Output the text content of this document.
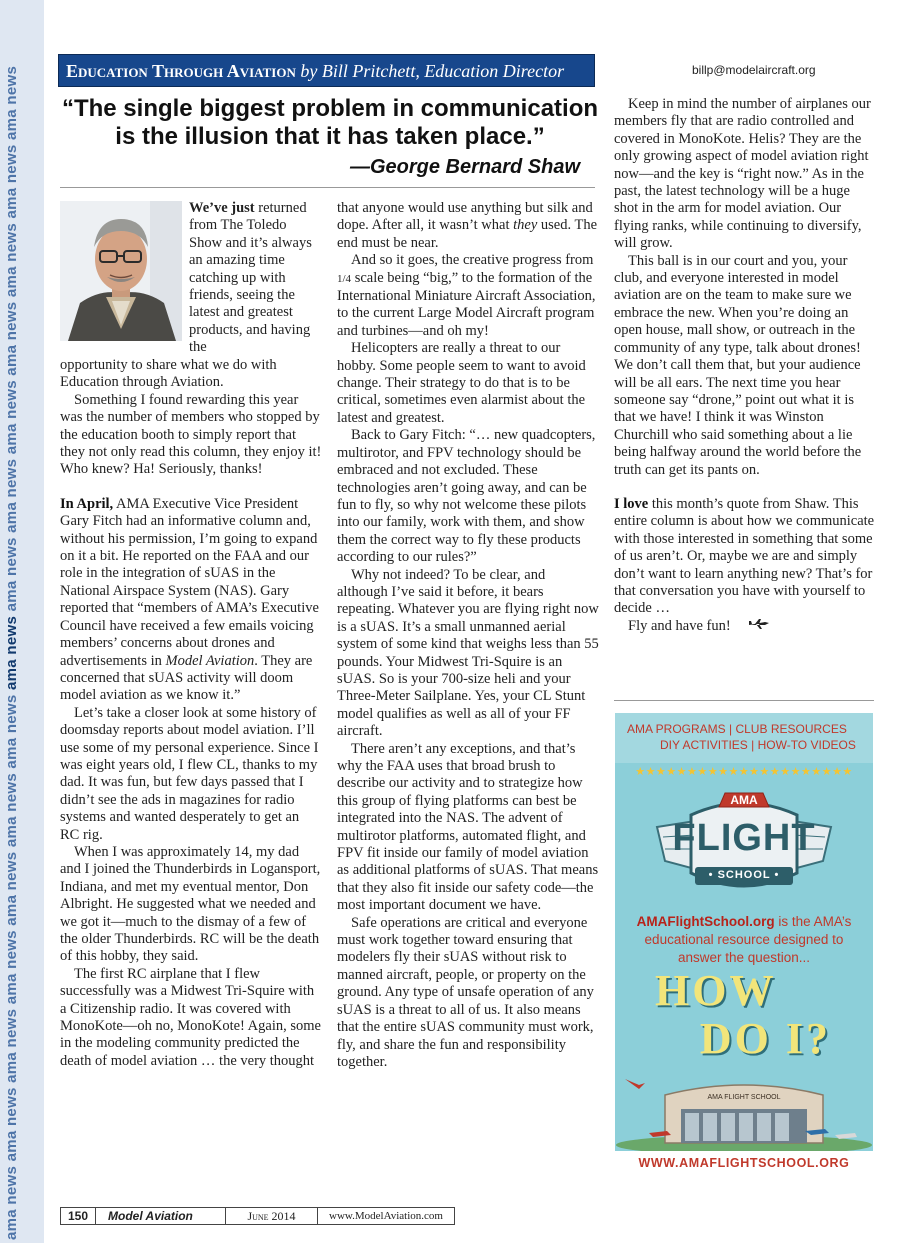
ama news ama news ama news ama news ama news ama news ama news ama news ama news ama news ama news ama news ama news ama news ama news	Education Through Aviation by Bill Pritchett, Education Director	billp@modelaircraft.org
“The single biggest problem in communication is the illusion that it has taken place.”
—George Bernard Shaw
We’ve just returned from The Toledo Show and it’s always an amazing time catching up with friends, seeing the latest and greatest products, and having the

opportunity to share what we do with Education through Aviation.

Something I found rewarding this year was the number of members who stopped by the education booth to simply report that they not only read this column, they enjoy it! Who knew? Ha! Seriously, thanks!

In April, AMA Executive Vice President Gary Fitch had an informative column and, without his permission, I’m going to expand on it a bit. He reported on the FAA and our role in the integration of sUAS in the National Airspace System (NAS). Gary reported that “members of AMA’s Executive Council have received a few emails voicing members’ concerns about drones and advertisements in Model Aviation. They are concerned that sUAS activity will doom model aviation as we know it.”

Let’s take a closer look at some history of doomsday reports about model aviation. I’ll use some of my personal experience. Since I was eight years old, I flew CL, thanks to my dad. It was fun, but few days passed that I didn’t see the ads in magazines for radio systems and wanted desperately to get an RC rig.

When I was approximately 14, my dad and I joined the Thunderbirds in Logansport, Indiana, and met my eventual mentor, Don Albright. He suggested what we needed and we got it—much to the dismay of a few of the older Thunderbirds. RC will be the death of this hobby, they said.

The first RC airplane that I flew successfully was a Midwest Tri-Squire with a Citizenship radio. It was covered with MonoKote—oh no, MonoKote! Again, some in the modeling community predicted the death of model aviation … the very thought

that anyone would use anything but silk and dope. After all, it wasn’t what they used. The end must be near.

And so it goes, the creative progress from 1/4 scale being “big,” to the formation of the International Miniature Aircraft Association, to the current Large Model Aircraft program and turbines—and oh my!

Helicopters are really a threat to our hobby. Some people seem to want to avoid change. Their strategy to do that is to be critical, sometimes even alarmist about the latest and greatest.

Back to Gary Fitch: “… new quadcopters, multirotor, and FPV technology should be embraced and not excluded. These technologies aren’t going away, and can be fun to fly, so why not welcome these pilots into our family, work with them, and show them the correct way to fly these products according to our rules?”

Why not indeed? To be clear, and although I’ve said it before, it bears repeating. Whatever you are flying right now is a sUAS. It’s a small unmanned aerial system of some kind that weighs less than 55 pounds. Your Midwest Tri-Squire is an sUAS. So is your 700-size heli and your Three-Meter Sailplane. Yes, your CL Stunt model qualifies as well as all of your FF aircraft.

There aren’t any exceptions, and that’s why the FAA uses that broad brush to describe our activity and to strategize how this group of flying platforms can best be integrated into the NAS. The advent of multirotor platforms, automated flight, and FPV fit inside our family of model aviation as additional platforms of sUAS. That means that they also fit inside our safety code—the most important document we have.

Safe operations are critical and everyone must work together toward ensuring that modelers fly their sUAS without risk to manned aircraft, people, or property on the ground. Any type of unsafe operation of any sUAS is a threat to all of us. It also means that the entire sUAS community must work, fly, and share the fun and responsibility together.

Keep in mind the number of airplanes our members fly that are radio controlled and covered in MonoKote. Helis? They are the only growing aspect of model aviation right now—and the key is “right now.” As in the past, the latest technology will be a huge shot in the arm for model aviation. Our flying ranks, while continuing to diversify, will grow.

This ball is in our court and you, your club, and everyone interested in model aviation are on the team to make sure we embrace the new. When you’re doing an open house, mall show, or outreach in the community of any type, talk about drones! We don’t call them that, but your audience will be all ears. The next time you hear someone say “drone,” point out what it is that we have! I think it was Winston Churchill who said something about a lie being halfway around the world before the truth can get its pants on.

I love this month’s quote from Shaw. This entire column is about how we communicate with those interested in something that some of us aren’t. Or, maybe we are and simply don’t want to learn anything new? That’s for that conversation you have with yourself to decide …

Fly and have fun!

AMA PROGRAMS | CLUB RESOURCES
DIY ACTIVITIES | HOW-TO VIDEOS
★★★★★★★★★★★★★★★★★★★★★
AMA
FLIGHT
• SCHOOL •
AMAFlightSchool.org is the AMA’s educational resource designed to answer the question...
HOW
DO I?
AMA FLIGHT SCHOOL
WWW.AMAFLIGHTSCHOOL.ORG
150	Model Aviation	June 2014	www.ModelAviation.com
